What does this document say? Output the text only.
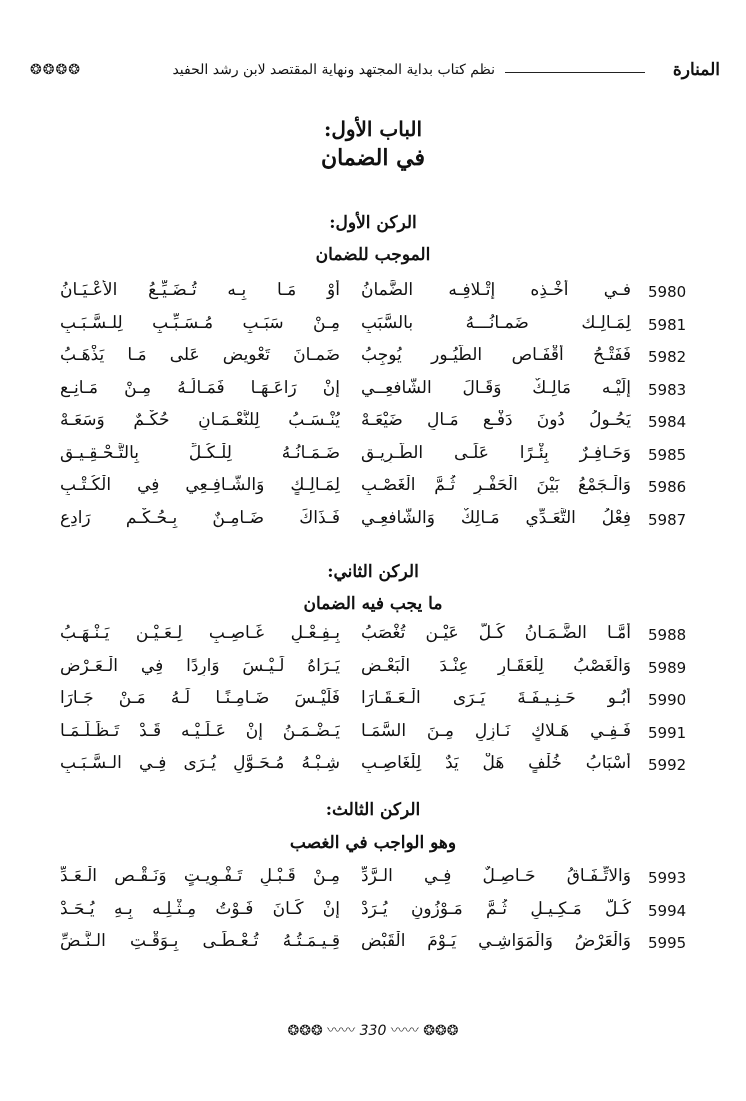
المنارة
نظم كتاب بداية المجتهد ونهاية المقتصد لابن رشد الحفيد
❂❂❂❂
الباب الأول:
في الضمان
الركن الأول:
الموجب للضمان
5980
فـي أَخْـذِه إتْـلافِـه الضَّمانُ
أَوْ مَـا بِـه تُـضَـيِّـعُ الأَعْـيَـانُ
5981
لِمَـالِـك ضَمـانُـــهُ بالسَّبَبِ
مِـنْ سَبَـبٍ مُـسَـبِّـبٍ لِلـسَّـبَـبِ
5982
فَفَتْـحُ أَقْفَـاص الطُّيُـور يُوجِبُ
ضَمـانَ تَعْويض عَلى مَـا يَذْهَـبُ
5983
إِلَيْـه مَالِـكٌ وَقَـالَ الشَّافعِــي
إنْ رَاعَـهَـا فَمَـالُـهُ مِـنْ مَـانِـعِ
5984
يَحُـولُ دُونَ دَفْـعِ مَـالِ ضَيْعَـهْ
يُنْـسَـبُ لِلنُّعْـمَـانِ حُكْـمٌ وَسَعَـهْ
5985
وَحَـافِـرٌ بِئْـرًا عَلَـى الطَّـرِيـقِ
ضَـمَـانُـهُ لِلْـكُـلِّ بِالتَّـحْـقِـيـقِ
5986
وَالْـجَمْعُ بَيْنَ الْحَفْـرِ ثُـمَّ الْغَصْـبِ
لِمَـالِـكٍ وَالشَّـافِـعِي فِي الْكُـتْـبِ
5987
فِعْلُ التَّعَـدِّي مَـالِكٌ وَالشَّافعِـي
فَـذَاكَ ضَـامِـنٌ بِـحُـكْـمٍ رَادِعِ
الركن الثاني:
ما يجب فيه الضمان
5988
أَمَّـا الضَّـمَـانُ كُـلُّ عَيْـنٍ تُغْصَبُ
بِـفِـعْـلِ غَـاصِـبٍ لِـعَـيْـنٍ يَـنْـهَـبُ
5989
وَالْغَصْبُ لِلْعَقَـارِ عِنْـدَ الْبَعْـضِ
يَـرَاهُ لَـيْـسَ وَارِدًا فِي الْـعَـرْضِ
5990
أَبُـو حَـنِـيـفَـةَ يَـرَى الْـعَـقَـارَا
فَلَيْـسَ ضَـامِـنًـا لَـهُ مَـنْ جَـارَا
5991
فَـفِـي هَـلاكٍ نَـازِلٍ مِـنَ السَّمَـا
يَـضْـمَـنُ إنْ عَـلَـيْـه قَـدْ تَـظَـلَّـمَـا
5992
أَسْبَابُ خُلْفٍ هَلْ يَدٌ لِلْغَاصِـبِ
شِـبْـهُ مُـحَـوَّلٍ يُـرَى فِـي الـسَّـبَـبِ
الركن الثالث:
وهو الواجب في الغصب
5993
وَالاتِّـفَـاقُ حَـاصِـلٌ فِـي الـرَّدِّ
مِـنْ قَـبْـلِ تَـفْـوِيـتٍ وَنَـقْـصِ الْـعَـدِّ
5994
كُـلُّ مَـكِـيـلٍ ثُـمَّ مَـوْزُونٍ يُـرَدْ
إِنْ كَـانَ فَـوْتُ مِـثْـلِـه بِـهِ يُـحَـدْ
5995
وَالْعَرْضُ وَالْمَوَاشِـي يَـوْمَ الْقَبْضِ
قِـيـمَـتُـهُ تُـعْـطَـى بِـوَقْـتِ الـنَّـضِّ
❂❂❂ 〰〰 330 〰〰 ❂❂❂
